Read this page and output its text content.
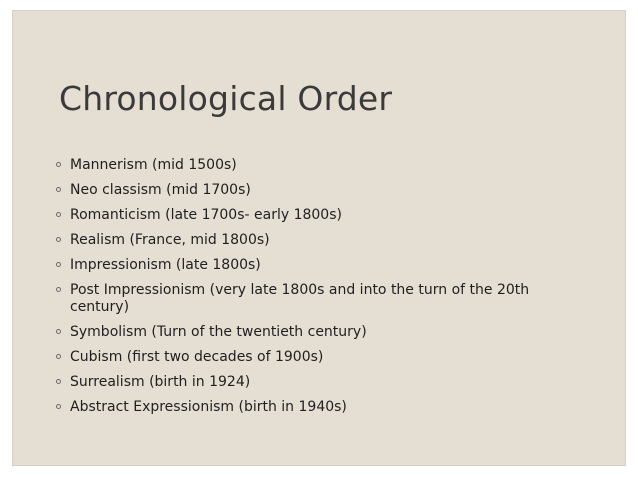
Chronological Order
Mannerism (mid 1500s)
Neo classism (mid 1700s)
Romanticism (late 1700s- early 1800s)
Realism (France, mid 1800s)
Impressionism (late 1800s)
Post Impressionism (very late 1800s and into the turn of the 20th century)
Symbolism (Turn of the twentieth century)
Cubism (first two decades of 1900s)
Surrealism (birth in 1924)
Abstract Expressionism (birth in 1940s)
